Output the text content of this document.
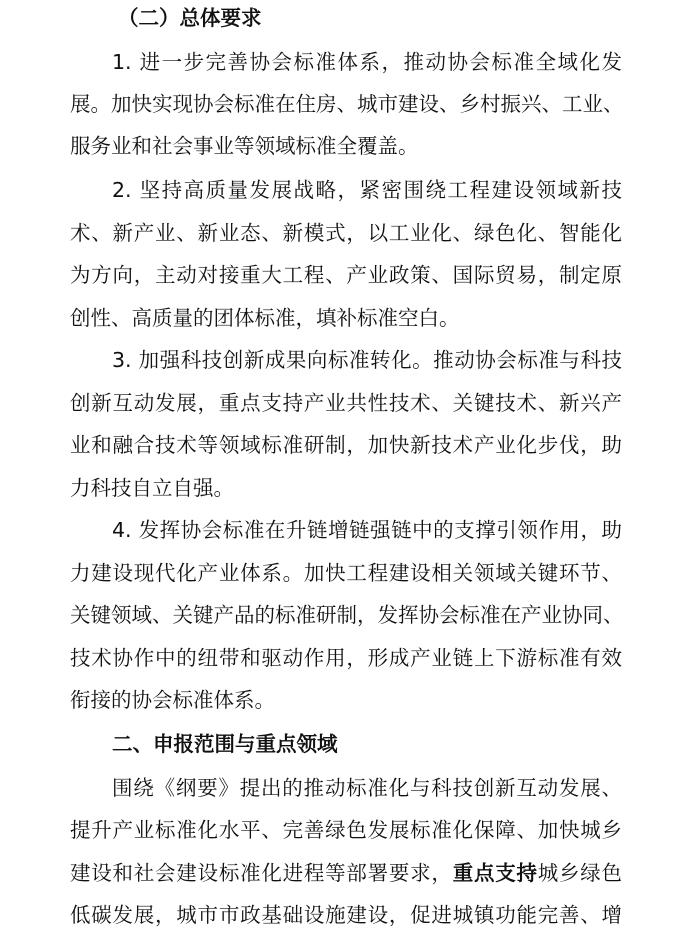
（二）总体要求
1. 进一步完善协会标准体系，推动协会标准全域化发
展。加快实现协会标准在住房、城市建设、乡村振兴、工业、
服务业和社会事业等领域标准全覆盖。
2. 坚持高质量发展战略，紧密围绕工程建设领域新技
术、新产业、新业态、新模式，以工业化、绿色化、智能化
为方向，主动对接重大工程、产业政策、国际贸易，制定原
创性、高质量的团体标准，填补标准空白。
3. 加强科技创新成果向标准转化。推动协会标准与科技
创新互动发展，重点支持产业共性技术、关键技术、新兴产
业和融合技术等领域标准研制，加快新技术产业化步伐，助
力科技自立自强。
4. 发挥协会标准在升链增链强链中的支撑引领作用，助
力建设现代化产业体系。加快工程建设相关领域关键环节、
关键领域、关键产品的标准研制，发挥协会标准在产业协同、
技术协作中的纽带和驱动作用，形成产业链上下游标准有效
衔接的协会标准体系。
二、申报范围与重点领域
围绕《纲要》提出的推动标准化与科技创新互动发展、
提升产业标准化水平、完善绿色发展标准化保障、加快城乡
建设和社会建设标准化进程等部署要求，重点支持城乡绿色
低碳发展，城市市政基础设施建设，促进城镇功能完善、增
